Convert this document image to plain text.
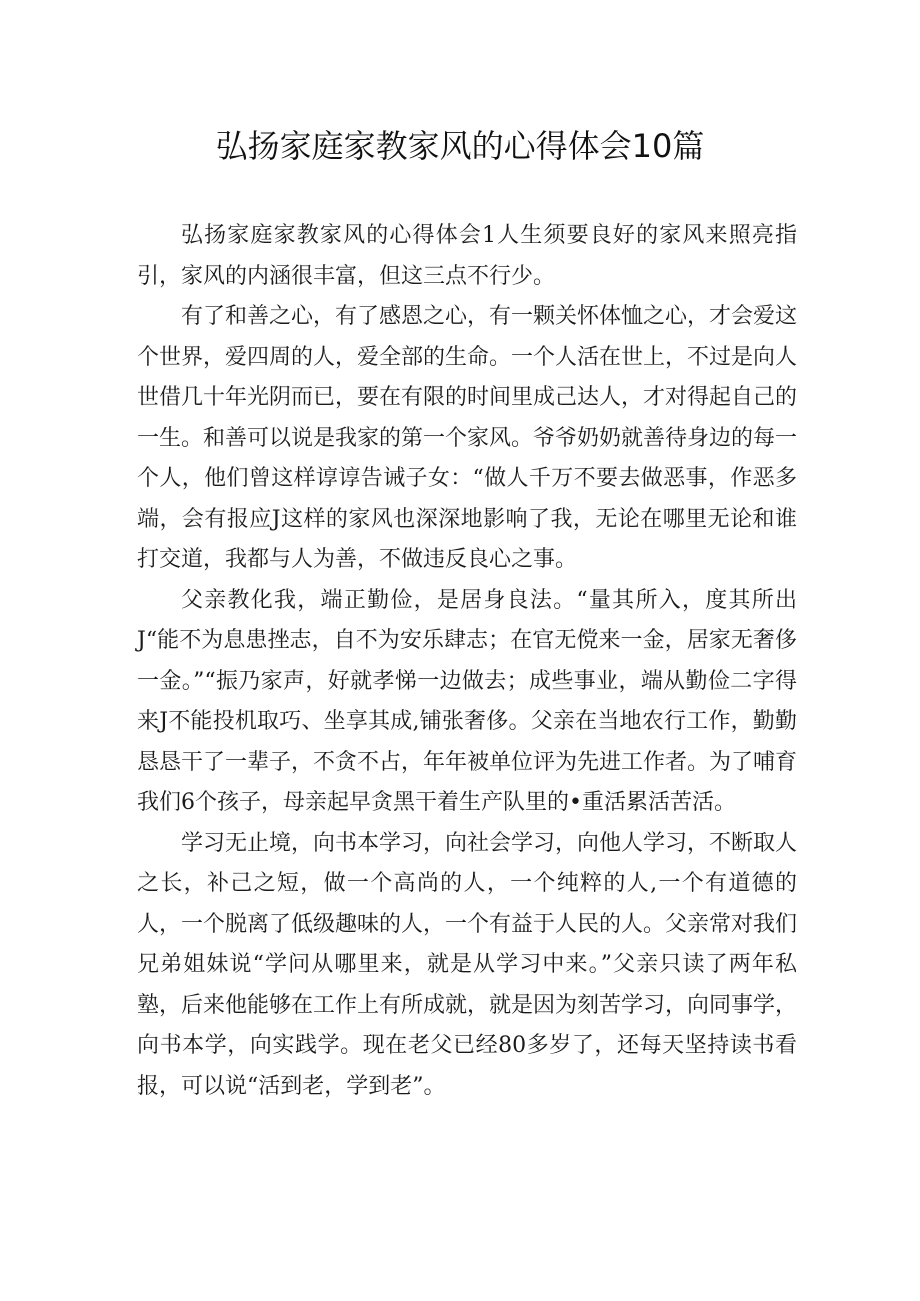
弘扬家庭家教家风的心得体会10篇

弘扬家庭家教家风的心得体会1人生须要良好的家风来照亮指引，家风的内涵很丰富，但这三点不行少。

有了和善之心，有了感恩之心，有一颗关怀体恤之心，才会爱这个世界，爱四周的人，爱全部的生命。一个人活在世上，不过是向人世借几十年光阴而已，要在有限的时间里成己达人，才对得起自己的一生。和善可以说是我家的第一个家风。爷爷奶奶就善待身边的每一个人，他们曾这样谆谆告诫子女：“做人千万不要去做恶事，作恶多端，会有报应J这样的家风也深深地影响了我，无论在哪里无论和谁打交道，我都与人为善，不做违反良心之事。

父亲教化我，端正勤俭，是居身良法。“量其所入，度其所出J“能不为息患挫志，自不为安乐肆志；在官无傥来一金，居家无奢侈一金。”“振乃家声，好就孝悌一边做去；成些事业，端从勤俭二字得来J不能投机取巧、坐享其成,铺张奢侈。父亲在当地农行工作，勤勤恳恳干了一辈子，不贪不占，年年被单位评为先进工作者。为了哺育我们6个孩子，母亲起早贪黑干着生产队里的•重活累活苦活。

学习无止境，向书本学习，向社会学习，向他人学习，不断取人之长，补己之短，做一个高尚的人，一个纯粹的人,一个有道德的人，一个脱离了低级趣味的人，一个有益于人民的人。父亲常对我们兄弟姐妹说“学问从哪里来，就是从学习中来。”父亲只读了两年私塾，后来他能够在工作上有所成就，就是因为刻苦学习，向同事学，向书本学，向实践学。现在老父已经80多岁了，还每天坚持读书看报，可以说“活到老，学到老”。
